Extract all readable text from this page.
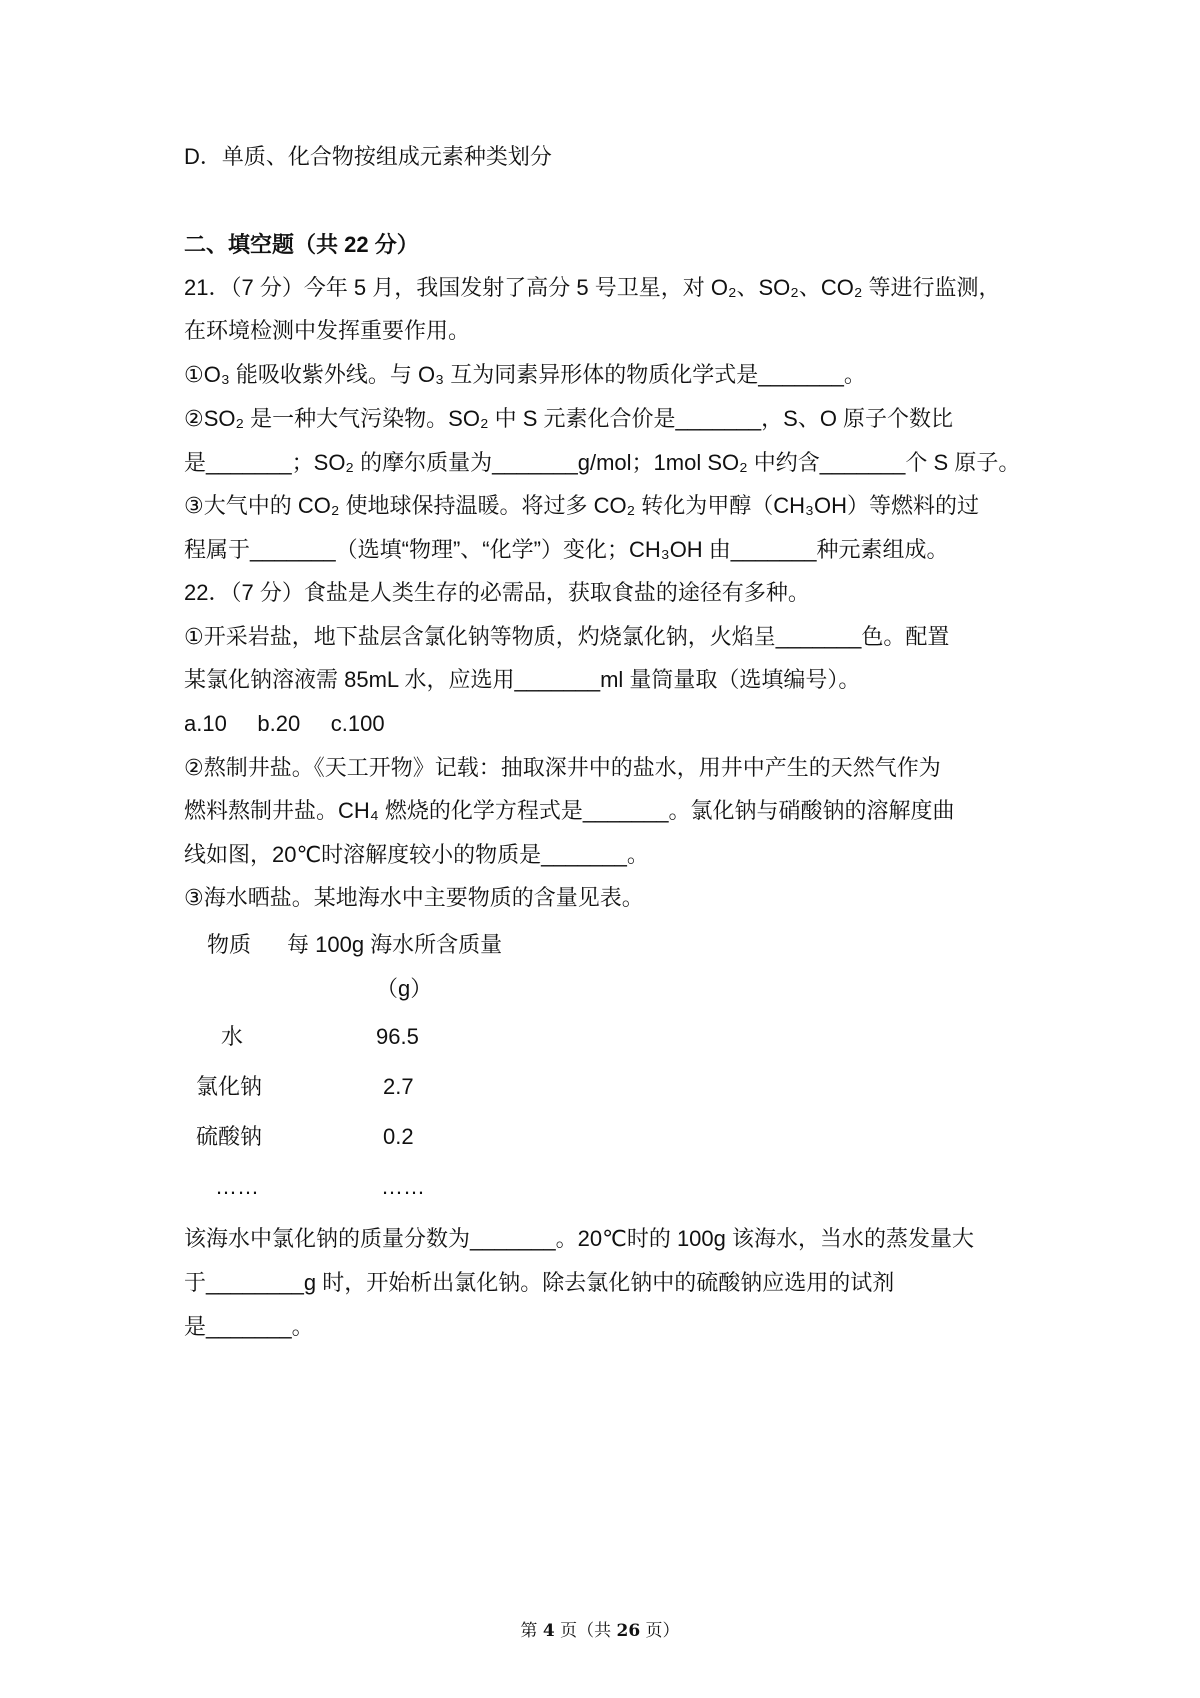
D．单质、化合物按组成元素种类划分
二、填空题（共 22 分）
21．（7 分）今年 5 月，我国发射了高分 5 号卫星，对 O₂、SO₂、CO₂ 等进行监测，
在环境检测中发挥重要作用。
①O₃ 能吸收紫外线。与 O₃ 互为同素异形体的物质化学式是_______。
②SO₂ 是一种大气污染物。SO₂ 中 S 元素化合价是_______，S、O 原子个数比
是_______；SO₂ 的摩尔质量为_______g/mol；1mol SO₂ 中约含_______个 S 原子。
③大气中的 CO₂ 使地球保持温暖。将过多 CO₂ 转化为甲醇（CH₃OH）等燃料的过
程属于_______（选填“物理”、“化学”）变化；CH₃OH 由_______种元素组成。
22．（7 分）食盐是人类生存的必需品，获取食盐的途径有多种。
①开采岩盐，地下盐层含氯化钠等物质，灼烧氯化钠，火焰呈_______色。配置
某氯化钠溶液需 85mL 水，应选用_______ml 量筒量取（选填编号）。
a.10     b.20     c.100
②熬制井盐。《天工开物》记载：抽取深井中的盐水，用井中产生的天然气作为
燃料熬制井盐。CH₄ 燃烧的化学方程式是_______。氯化钠与硝酸钠的溶解度曲
线如图，20℃时溶解度较小的物质是_______。
③海水晒盐。某地海水中主要物质的含量见表。
物质 每 100g 海水所含质量
（g）
水	96.5
氯化钠	2.7
硫酸钠	0.2
……	……
该海水中氯化钠的质量分数为_______。20℃时的 100g 该海水，当水的蒸发量大
于________g 时，开始析出氯化钠。除去氯化钠中的硫酸钠应选用的试剂
是_______。
第 4 页（共 26 页）
